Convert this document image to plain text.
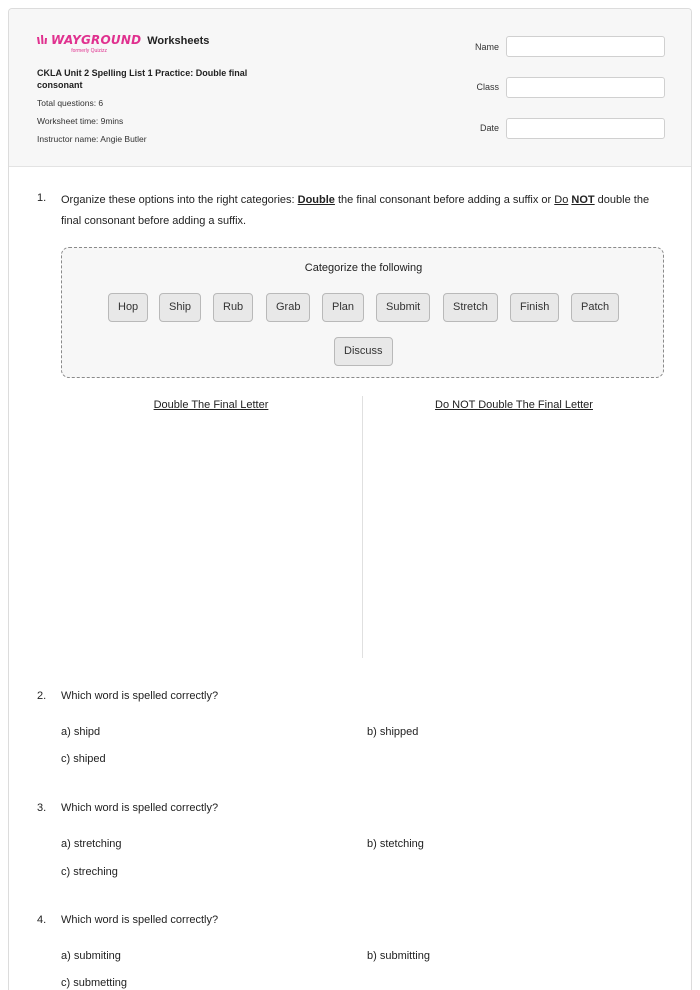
WAYGROUND
formerly Quizizz
Worksheets
CKLA Unit 2 Spelling List 1 Practice: Double final consonant
Total questions: 6
Worksheet time: 9mins
Instructor name: Angie Butler
Name
Class
Date
1. Organize these options into the right categories: Double the final consonant before adding a suffix or Do NOT double the final consonant before adding a suffix.
Categorize the following
Hop	Ship	Rub	Grab	Plan	Submit	Stretch	Finish	Patch
Discuss
Double The Final Letter	Do NOT Double The Final Letter
2. Which word is spelled correctly?
a) shipd	b) shipped
c) shiped
3. Which word is spelled correctly?
a) stretching	b) stetching
c) streching
4. Which word is spelled correctly?
a) submiting	b) submitting
c) submetting
